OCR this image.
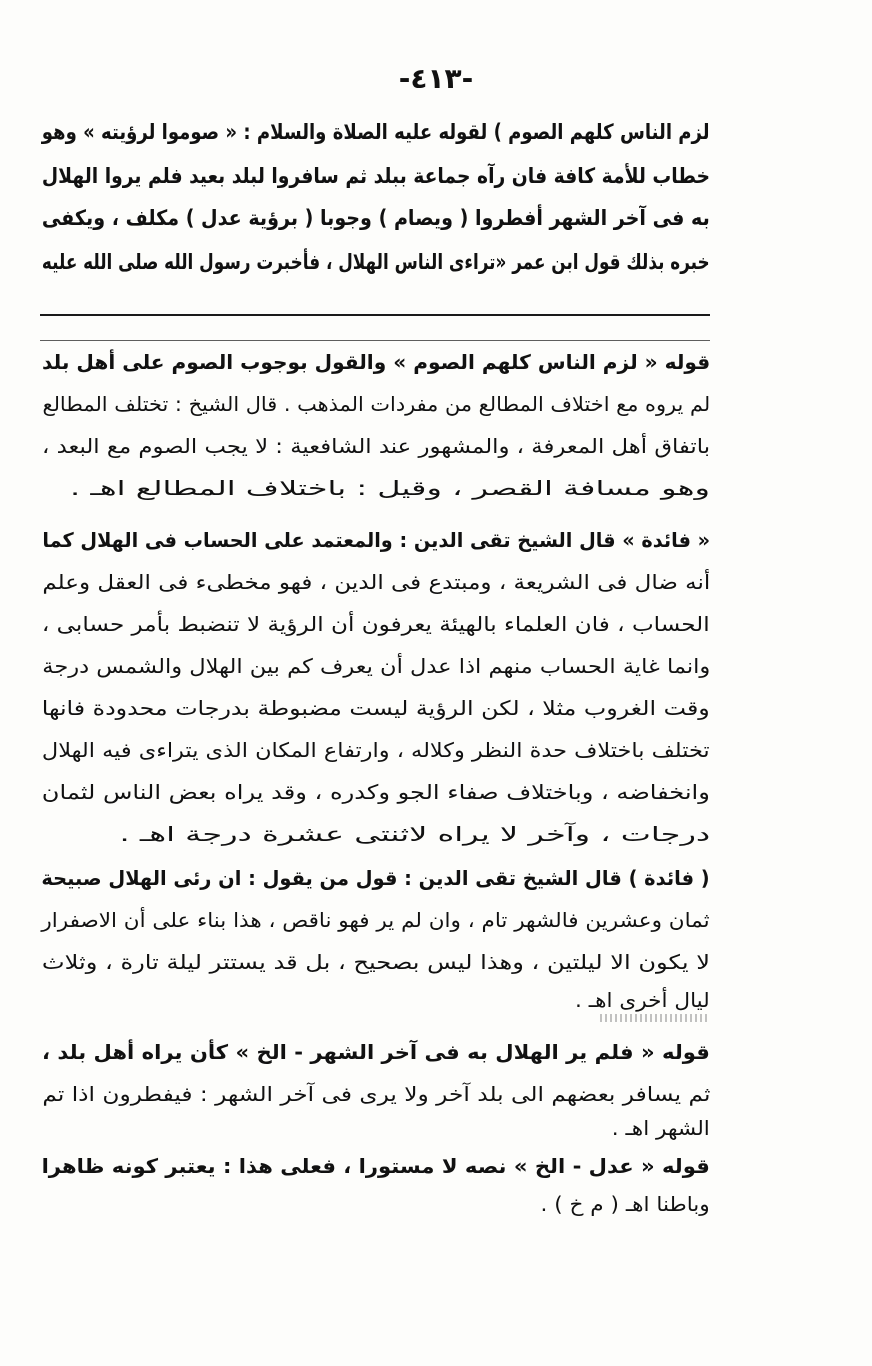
-٤١٣-
لزم الناس كلهم الصوم ) لقوله عليه الصلاة والسلام : « صوموا لرؤيته » وهو
خطاب للأمة كافة فان رآه جماعة ببلد ثم سافروا لبلد بعيد فلم يروا الهلال
به فى آخر الشهر أفطروا ( ويصام ) وجوبا ( برؤية عدل ) مكلف ، ويكفى
خبره بذلك قول ابن عمر «تراءى الناس الهلال ، فأخبرت رسول الله صلى الله عليه
قوله « لزم الناس كلهم الصوم » والقول بوجوب الصوم على أهل بلد
لم يروه مع اختلاف المطالع من مفردات المذهب . قال الشيخ : تختلف المطالع
باتفاق أهل المعرفة ، والمشهور عند الشافعية : لا يجب الصوم مع البعد ،
وهو مسافة القصر ، وقيل : باختلاف المطالع اهـ .
« فائدة » قال الشيخ تقى الدين : والمعتمد على الحساب فى الهلال كما
أنه ضال فى الشريعة ، ومبتدع فى الدين ، فهو مخطىء فى العقل وعلم
الحساب ، فان العلماء بالهيئة يعرفون أن الرؤية لا تنضبط بأمر حسابى ،
وانما غاية الحساب منهم اذا عدل أن يعرف كم بين الهلال والشمس درجة
وقت الغروب مثلا ، لكن الرؤية ليست مضبوطة بدرجات محدودة فانها
تختلف باختلاف حدة النظر وكلاله ، وارتفاع المكان الذى يتراءى فيه الهلال
وانخفاضه ، وباختلاف صفاء الجو وكدره ، وقد يراه بعض الناس لثمان
درجات ، وآخر لا يراه لاثنتى عشرة درجة اهـ .
( فائدة ) قال الشيخ تقى الدين : قول من يقول : ان رئى الهلال صبيحة
ثمان وعشرين فالشهر تام ، وان لم ير فهو ناقص ، هذا بناء على أن الاصفرار
لا يكون الا ليلتين ، وهذا ليس بصحيح ، بل قد يستتر ليلة تارة ، وثلاث
ليال أخرى اهـ .
قوله « فلم ير الهلال به فى آخر الشهر - الخ » كأن يراه أهل بلد ،
ثم يسافر بعضهم الى بلد آخر ولا يرى فى آخر الشهر : فيفطرون اذا تم
الشهر اهـ .
قوله « عدل - الخ » نصه لا مستورا ، فعلى هذا : يعتبر كونه ظاهرا
وباطنا اهـ ( م خ ) .
